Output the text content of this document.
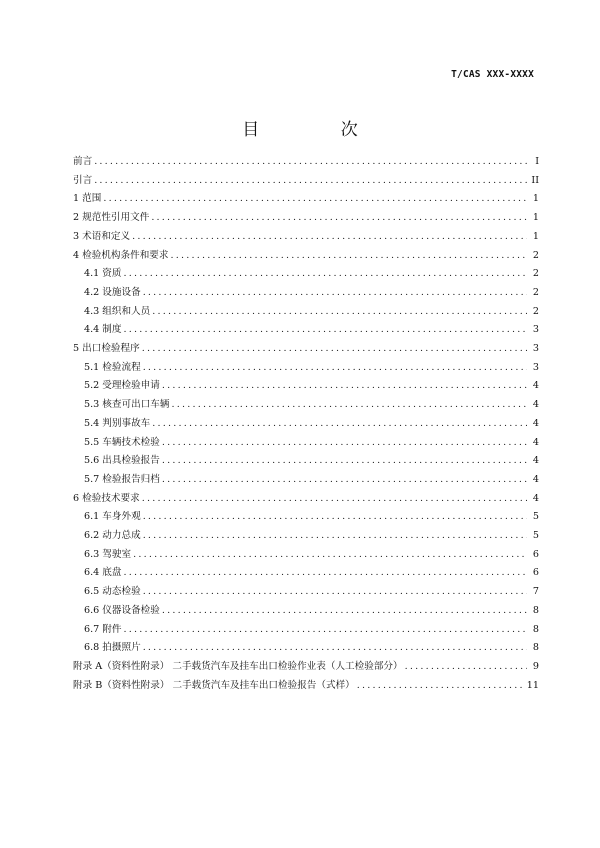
T/CAS XXX-XXXX
目 次
前言 .....	I
引言 .....	II
1 范围 .....	1
2 规范性引用文件 .....	1
3 术语和定义 .....	1
4 检验机构条件和要求 .....	2
4.1 资质 .....	2
4.2 设施设备 .....	2
4.3 组织和人员 .....	2
4.4 制度 .....	3
5 出口检验程序 .....	3
5.1 检验流程 .....	3
5.2 受理检验申请 .....	4
5.3 核查可出口车辆 .....	4
5.4 判别事故车 .....	4
5.5 车辆技术检验 .....	4
5.6 出具检验报告 .....	4
5.7 检验报告归档 .....	4
6 检验技术要求 .....	4
6.1 车身外观 .....	5
6.2 动力总成 .....	5
6.3 驾驶室 .....	6
6.4 底盘 .....	6
6.5 动态检验 .....	7
6.6 仪器设备检验 .....	8
6.7 附件 .....	8
6.8 拍摄照片 .....	8
附录 A（资料性附录） 二手载货汽车及挂车出口检验作业表（人工检验部分） .....	9
附录 B（资料性附录） 二手载货汽车及挂车出口检验报告（式样） .....	11
